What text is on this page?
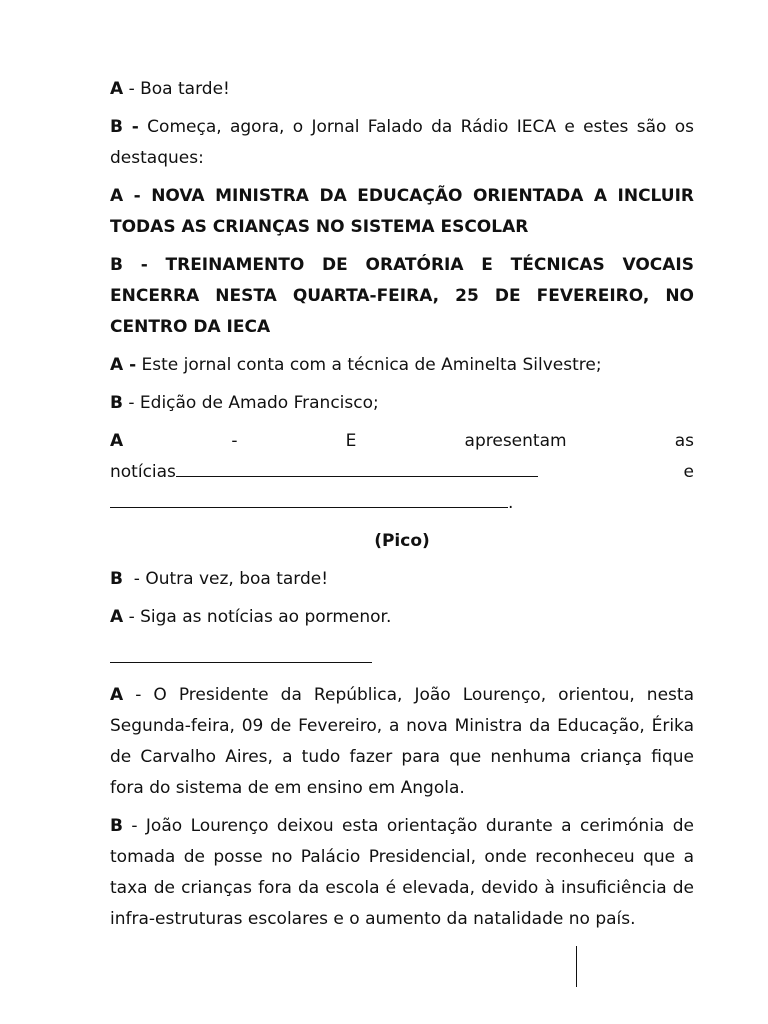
A - Boa tarde!

B - Começa, agora, o Jornal Falado da Rádio IECA e estes são os destaques:

A - NOVA MINISTRA DA EDUCAÇÃO ORIENTADA A INCLUIR TODAS AS CRIANÇAS NO SISTEMA ESCOLAR

B - TREINAMENTO DE ORATÓRIA E TÉCNICAS VOCAIS ENCERRA NESTA QUARTA-FEIRA, 25 DE FEVEREIRO, NO CENTRO DA IECA

A - Este jornal conta com a técnica de Aminelta Silvestre;

B - Edição de Amado Francisco;

A	-	E	apresentam	as
notícias	e

.

(Pico)

B  - Outra vez, boa tarde!

A - Siga as notícias ao pormenor.

A - O Presidente da República, João Lourenço, orientou, nesta Segunda-feira, 09 de Fevereiro, a nova Ministra da Educação, Érika de Carvalho Aires, a tudo fazer para que nenhuma criança fique fora do sistema de em ensino em Angola.

B - João Lourenço deixou esta orientação durante a cerimónia de tomada de posse no Palácio Presidencial, onde reconheceu que a taxa de crianças fora da escola é elevada, devido à insuficiência de infra-estruturas escolares e o aumento da natalidade no país.
